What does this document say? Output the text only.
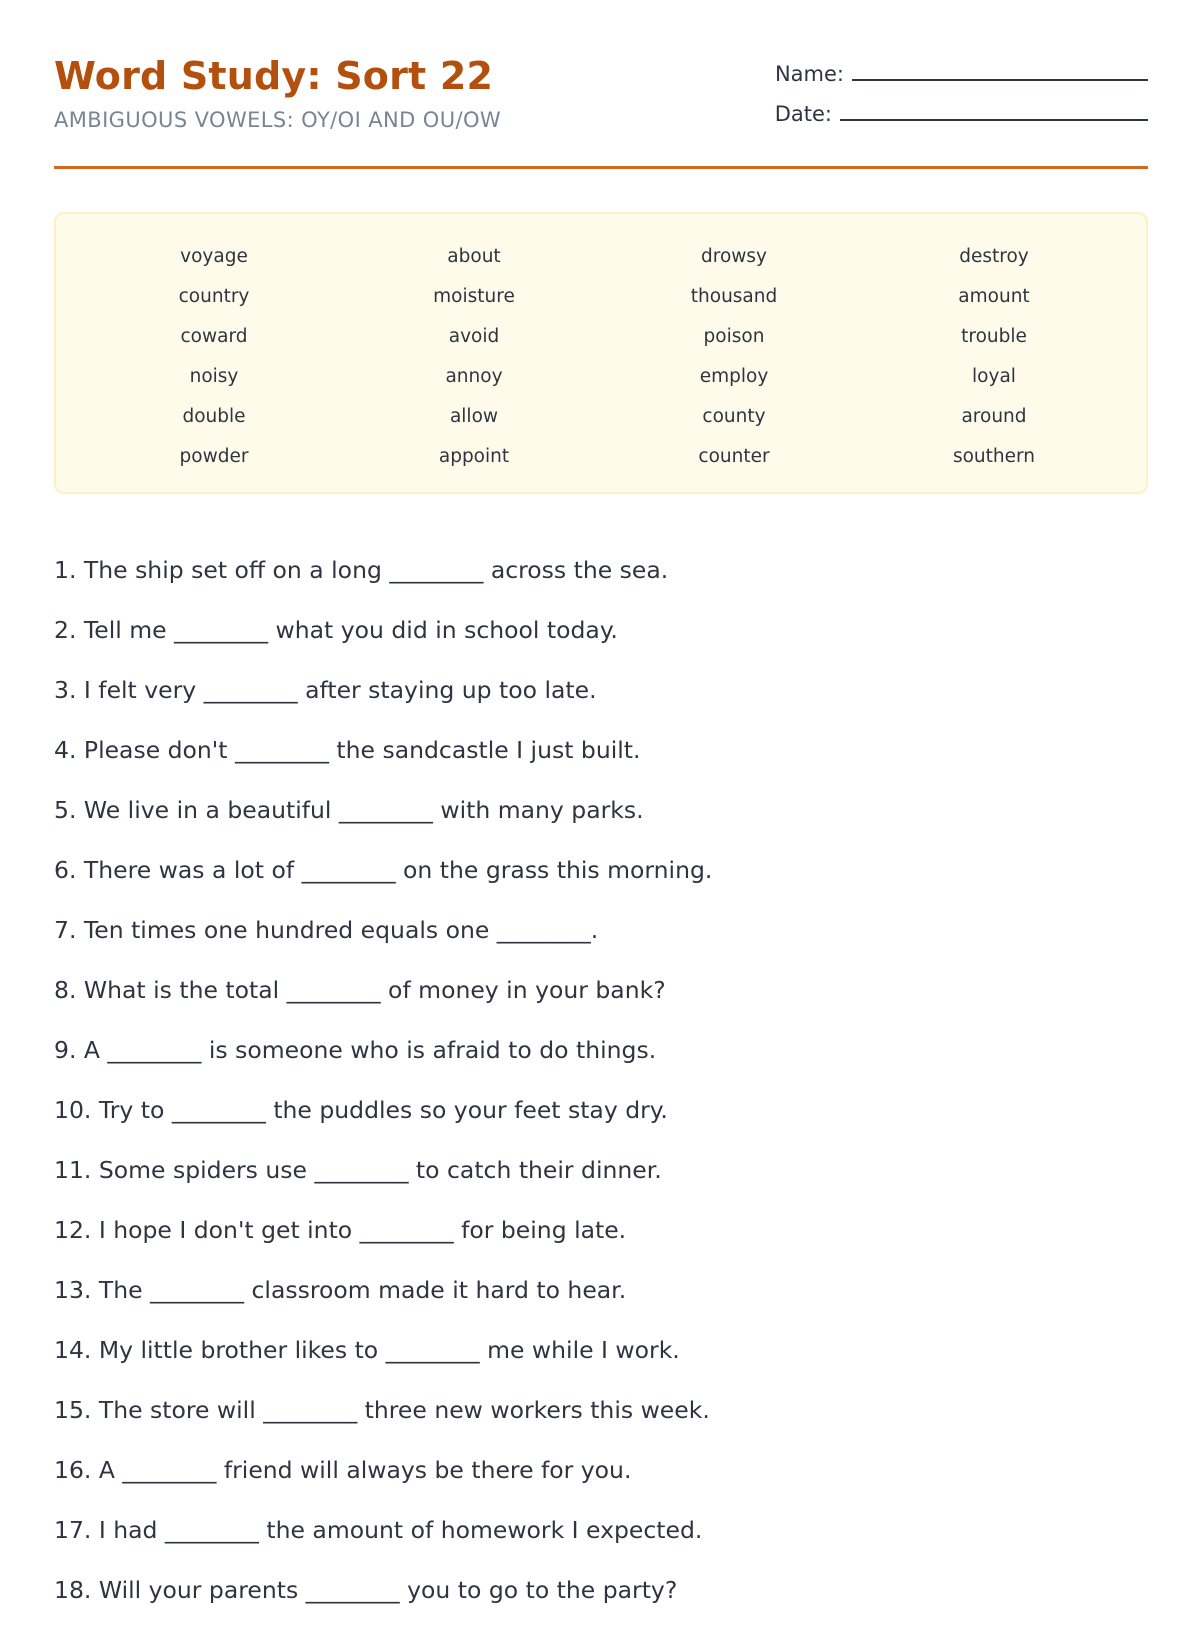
Word Study: Sort 22
AMBIGUOUS VOWELS: OY/OI AND OU/OW
Name:
Date:
voyage	about	drowsy	destroy
country	moisture	thousand	amount
coward	avoid	poison	trouble
noisy	annoy	employ	loyal
double	allow	county	around
powder	appoint	counter	southern
1. The ship set off on a long ________ across the sea.
2. Tell me ________ what you did in school today.
3. I felt very ________ after staying up too late.
4. Please don't ________ the sandcastle I just built.
5. We live in a beautiful ________ with many parks.
6. There was a lot of ________ on the grass this morning.
7. Ten times one hundred equals one ________.
8. What is the total ________ of money in your bank?
9. A ________ is someone who is afraid to do things.
10. Try to ________ the puddles so your feet stay dry.
11. Some spiders use ________ to catch their dinner.
12. I hope I don't get into ________ for being late.
13. The ________ classroom made it hard to hear.
14. My little brother likes to ________ me while I work.
15. The store will ________ three new workers this week.
16. A ________ friend will always be there for you.
17. I had ________ the amount of homework I expected.
18. Will your parents ________ you to go to the party?
